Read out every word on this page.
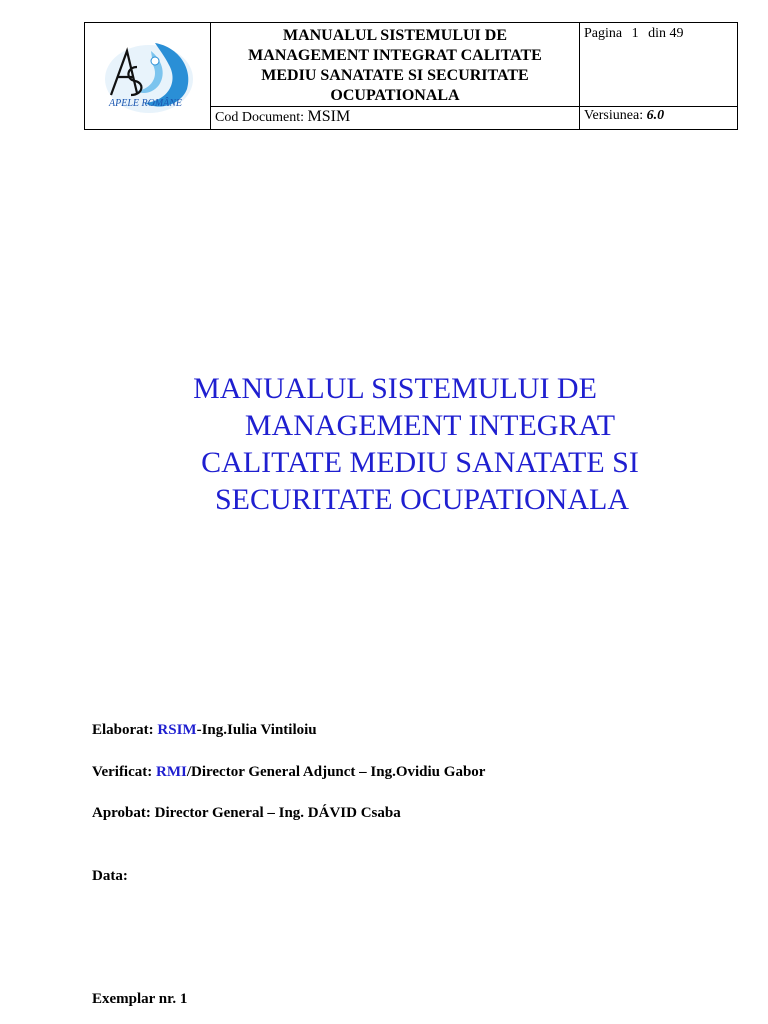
APELE ROMÂNE	MANUALUL SISTEMULUI DE
MANAGEMENT INTEGRAT CALITATE
MEDIU SANATATE SI SECURITATE
OCUPATIONALA	Pagina 1 din 49
	Cod Document: MSIM	Versiunea: 6.0
MANUALUL SISTEMULUI DE
MANAGEMENT INTEGRAT
CALITATE MEDIU SANATATE SI
SECURITATE OCUPATIONALA
Elaborat: RSIM-Ing.Iulia Vintiloiu
Verificat: RMI/Director General Adjunct – Ing.Ovidiu Gabor
Aprobat: Director General – Ing. DÁVID Csaba
Data:
Exemplar nr. 1
